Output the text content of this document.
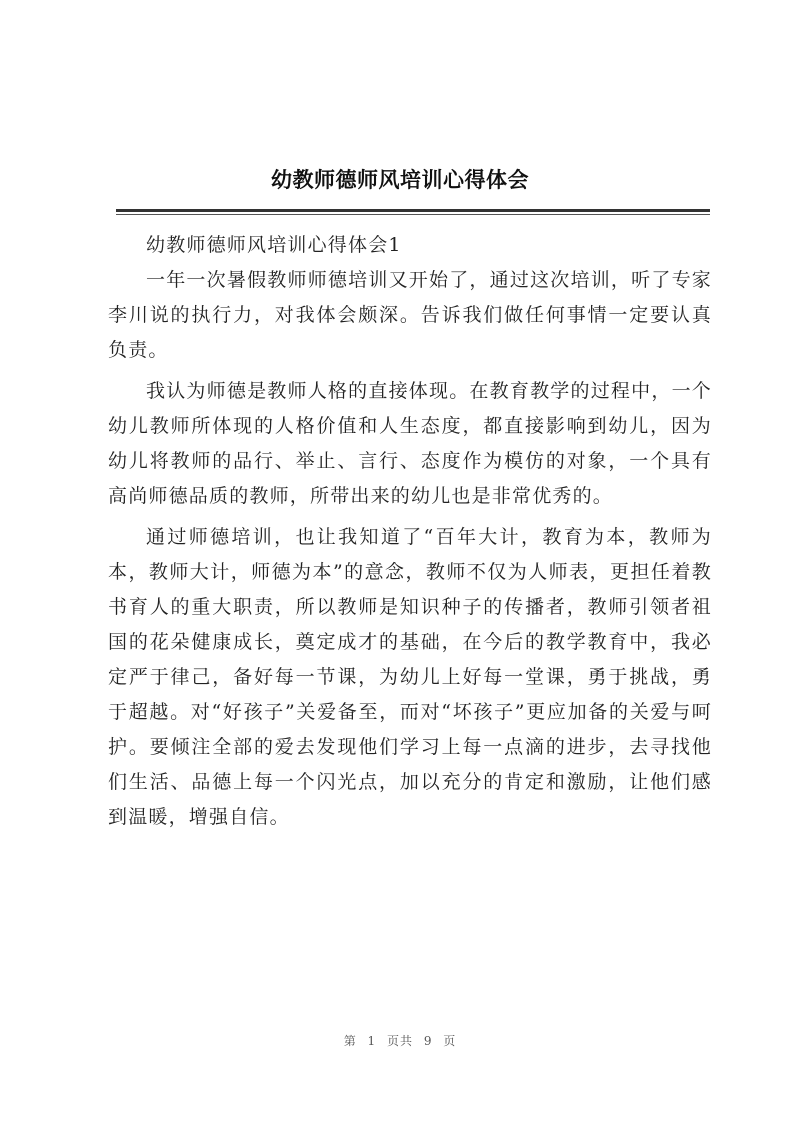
幼教师德师风培训心得体会

幼教师德师风培训心得体会1

一年一次暑假教师师德培训又开始了，通过这次培训，听了专家李川说的执行力，对我体会颇深。告诉我们做任何事情一定要认真负责。

我认为师德是教师人格的直接体现。在教育教学的过程中，一个幼儿教师所体现的人格价值和人生态度，都直接影响到幼儿，因为幼儿将教师的品行、举止、言行、态度作为模仿的对象，一个具有高尚师德品质的教师，所带出来的幼儿也是非常优秀的。

通过师德培训，也让我知道了“百年大计，教育为本，教师为本，教师大计，师德为本”的意念，教师不仅为人师表，更担任着教书育人的重大职责，所以教师是知识种子的传播者，教师引领者祖国的花朵健康成长，奠定成才的基础，在今后的教学教育中，我必定严于律己，备好每一节课，为幼儿上好每一堂课，勇于挑战，勇于超越。对“好孩子”关爱备至，而对“坏孩子”更应加备的关爱与呵护。要倾注全部的爱去发现他们学习上每一点滴的进步，去寻找他们生活、品德上每一个闪光点，加以充分的肯定和激励，让他们感到温暖，增强自信。

第 1 页共 9 页
